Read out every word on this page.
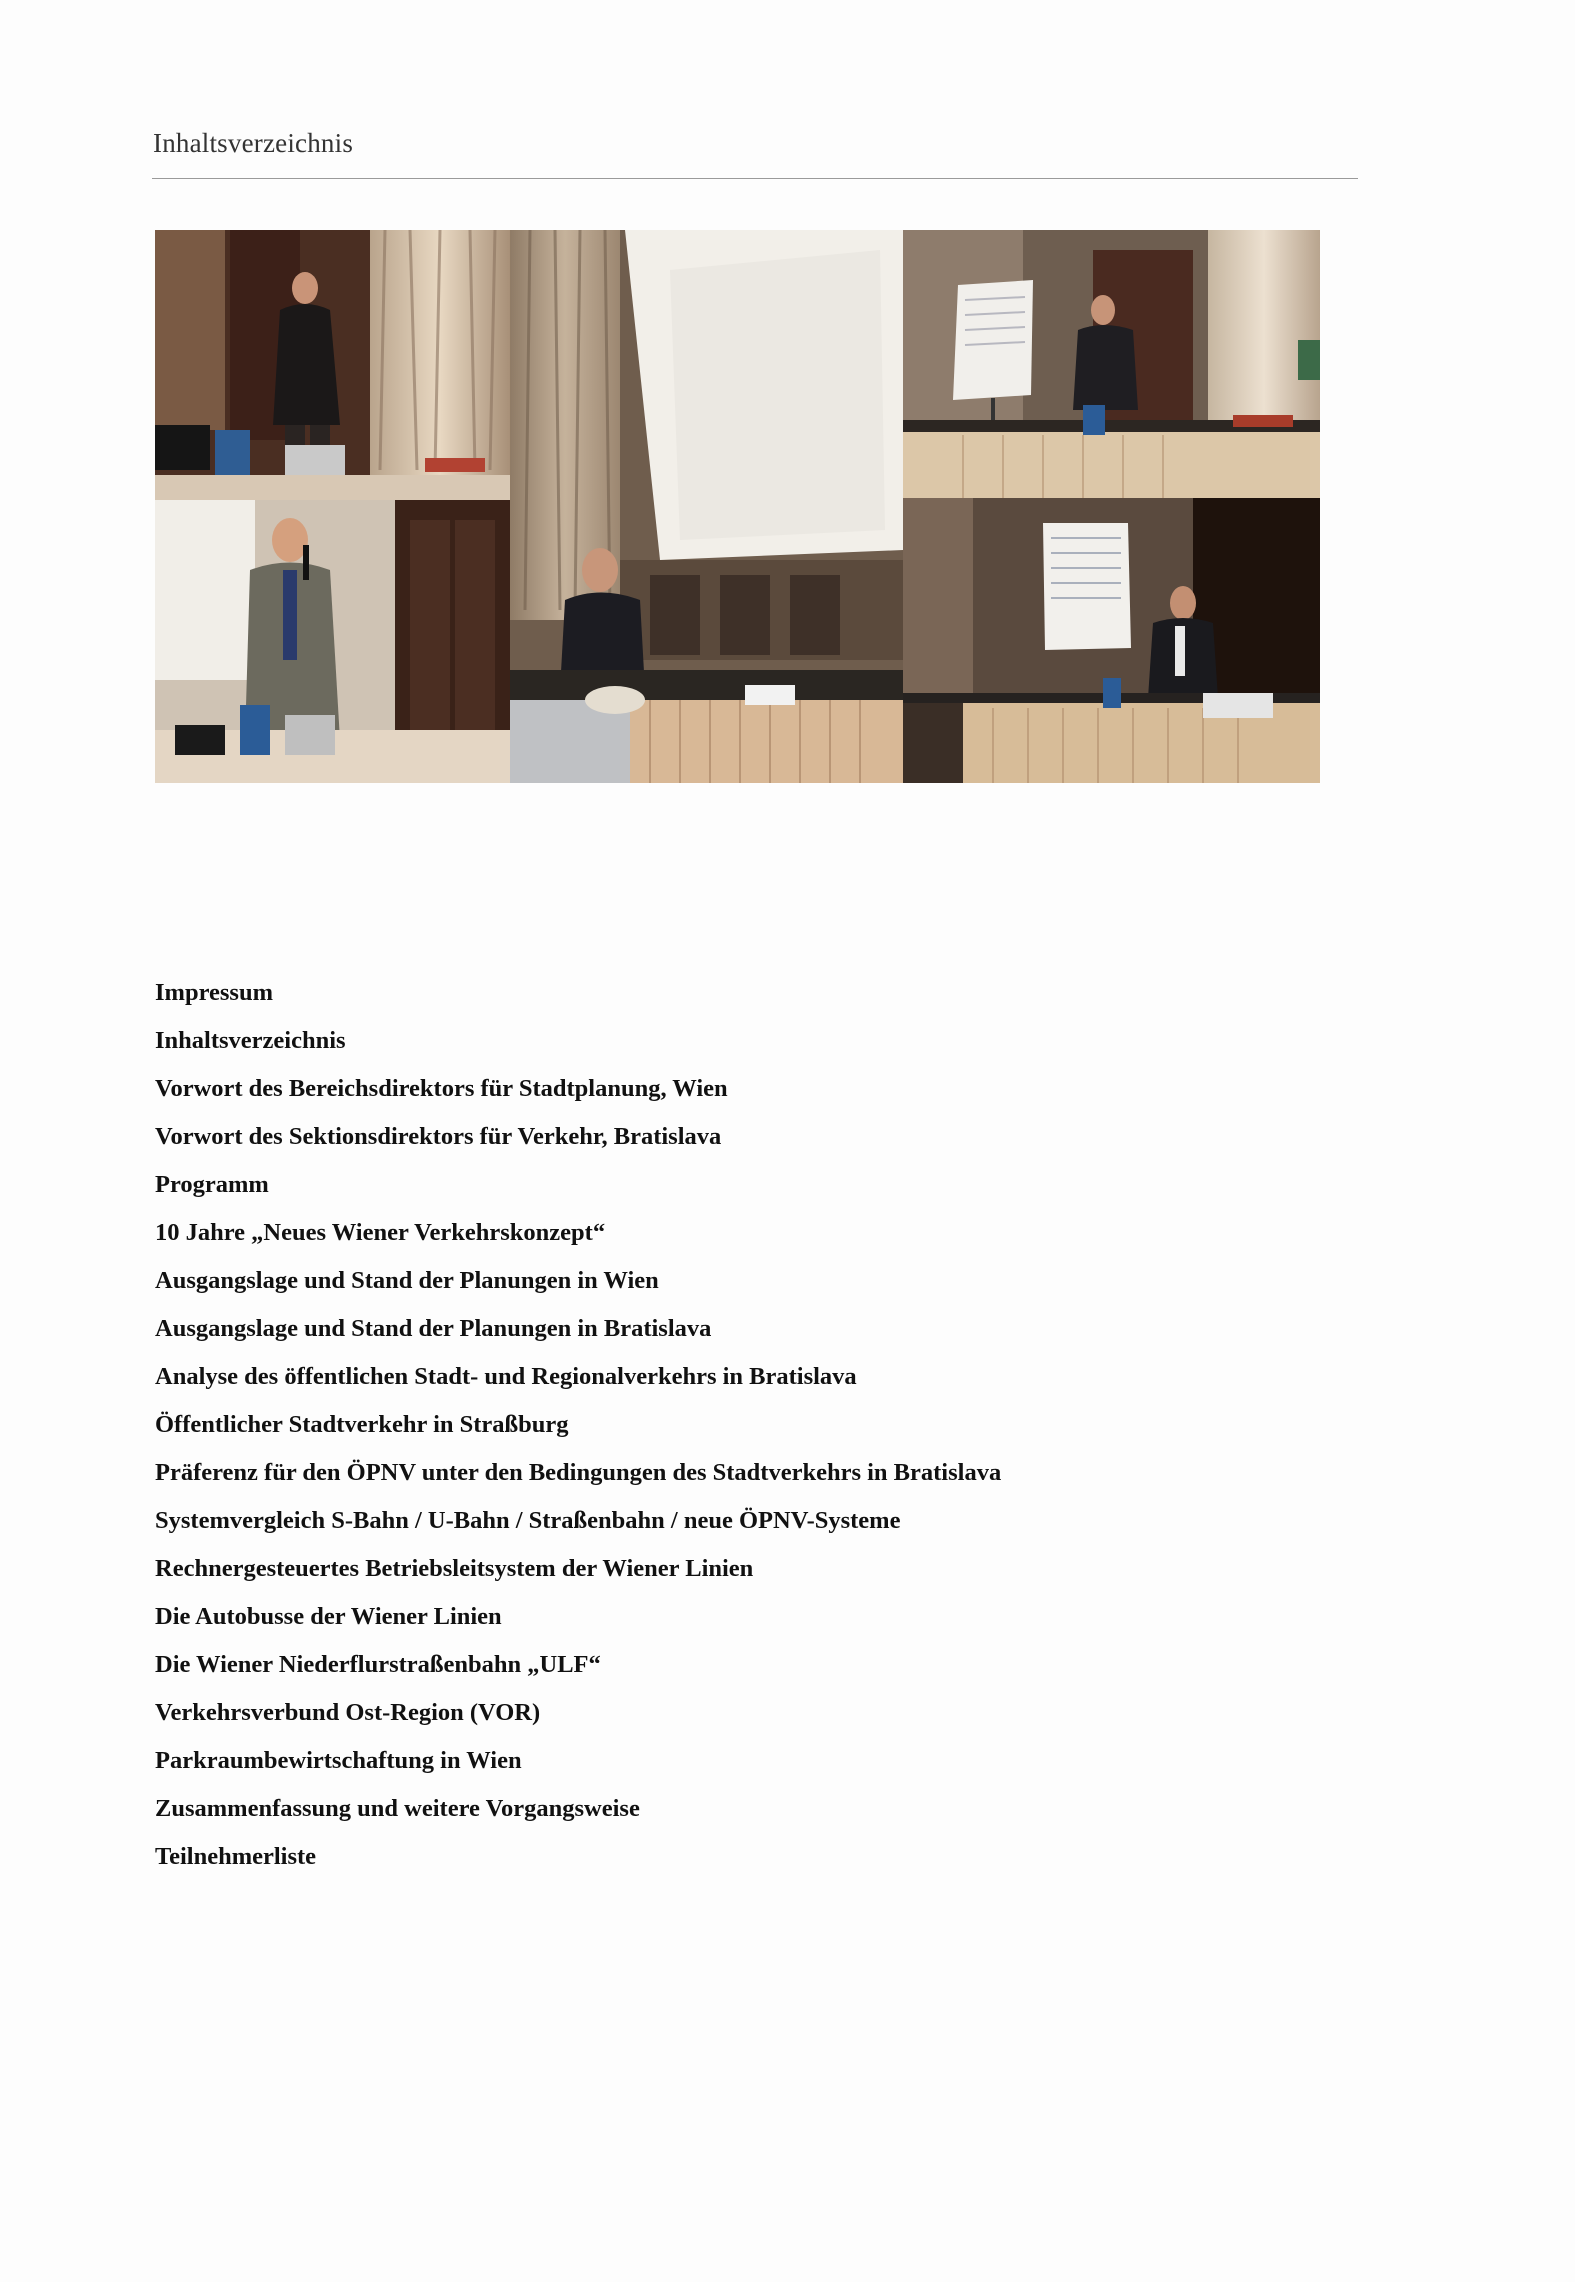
Inhaltsverzeichnis
Impressum
Inhaltsverzeichnis
Vorwort des Bereichsdirektors für Stadtplanung, Wien
Vorwort des Sektionsdirektors für Verkehr, Bratislava
Programm
10 Jahre „Neues Wiener Verkehrskonzept“
Ausgangslage und Stand der Planungen in Wien
Ausgangslage und Stand der Planungen in Bratislava
Analyse des öffentlichen Stadt- und Regionalverkehrs in Bratislava
Öffentlicher Stadtverkehr in Straßburg
Präferenz für den ÖPNV unter den Bedingungen des Stadtverkehrs in Bratislava
Systemvergleich S-Bahn / U-Bahn / Straßenbahn / neue ÖPNV-Systeme
Rechnergesteuertes Betriebsleitsystem der Wiener Linien
Die Autobusse der Wiener Linien
Die Wiener Niederflurstraßenbahn „ULF“
Verkehrsverbund Ost-Region (VOR)
Parkraumbewirtschaftung in Wien
Zusammenfassung und weitere Vorgangsweise
Teilnehmerliste
